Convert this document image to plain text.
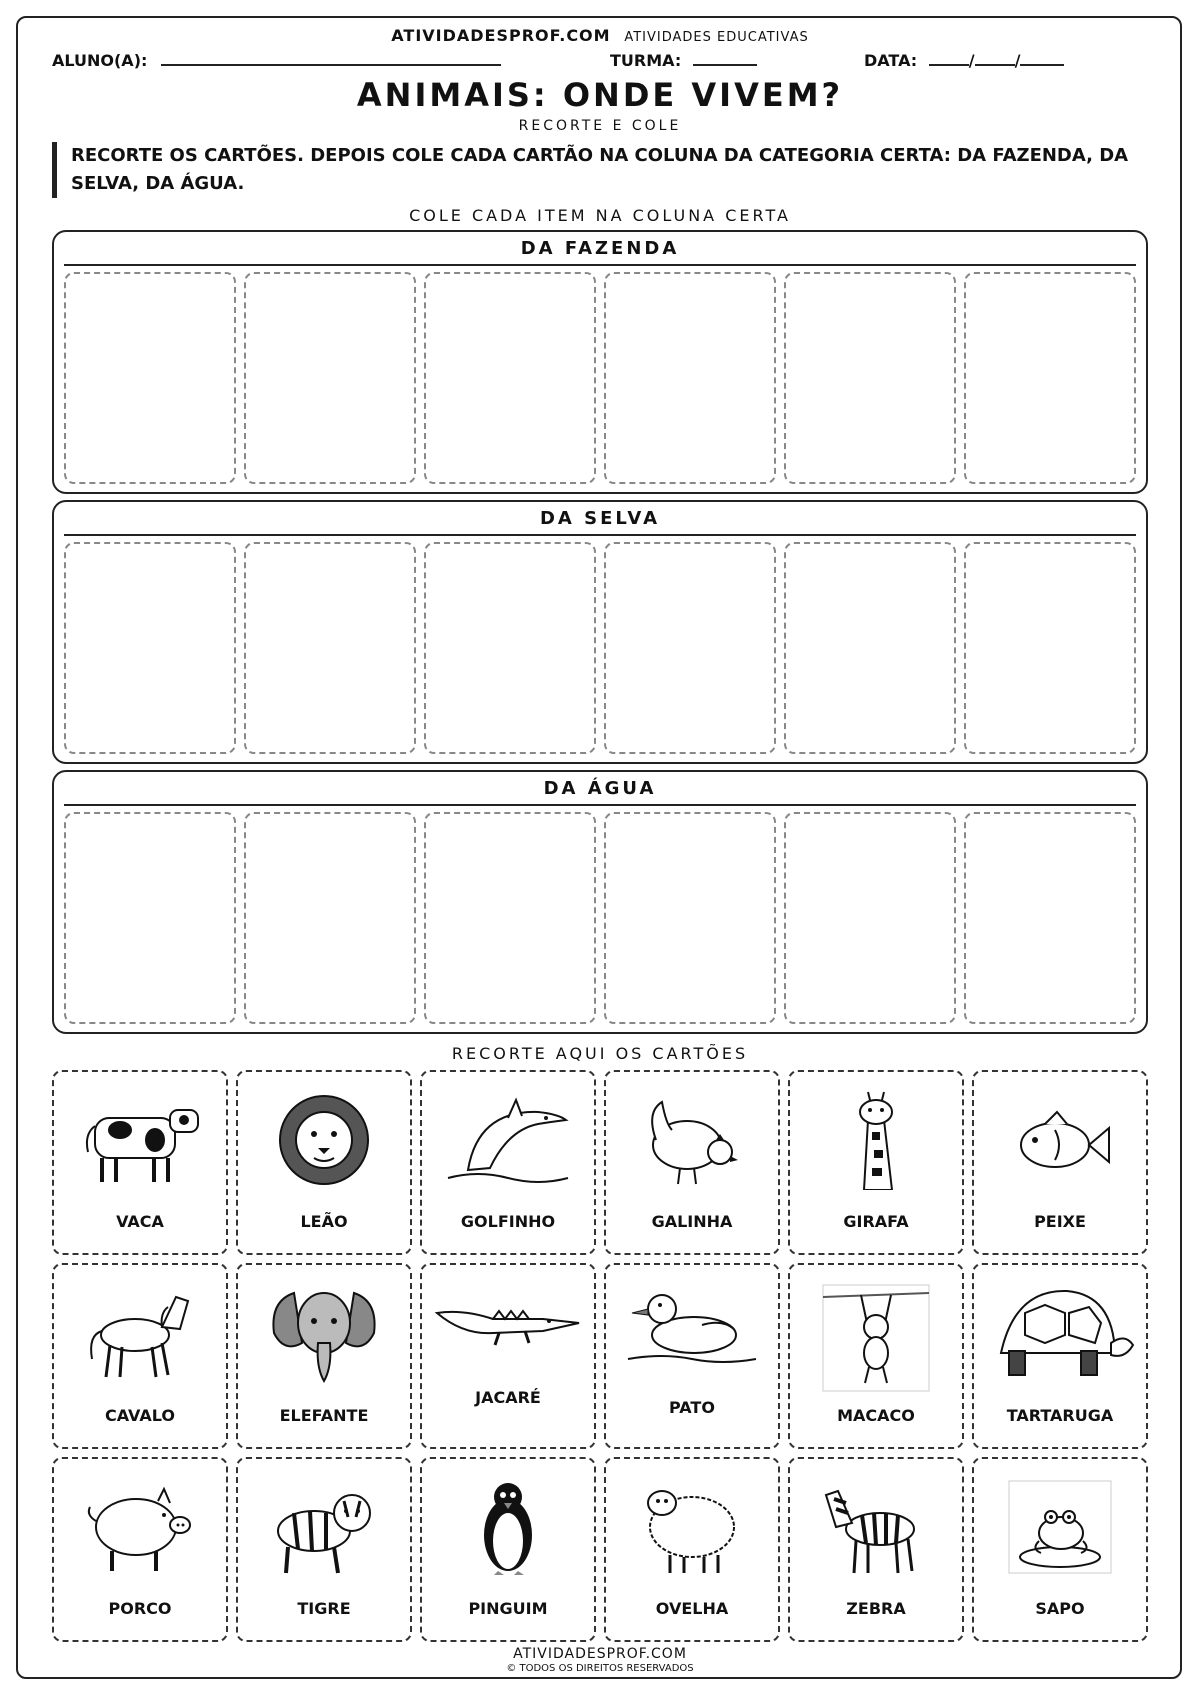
ATIVIDADESPROF.COM ATIVIDADES EDUCATIVAS
ALUNO(A):	TURMA:	DATA:	/	/
ANIMAIS: ONDE VIVEM?
RECORTE E COLE
RECORTE OS CARTÕES. DEPOIS COLE CADA CARTÃO NA COLUNA DA CATEGORIA CERTA: DA FAZENDA, DA SELVA, DA ÁGUA.
COLE CADA ITEM NA COLUNA CERTA
DA FAZENDA
DA SELVA
DA ÁGUA
RECORTE AQUI OS CARTÕES
VACA	LEÃO	GOLFINHO	GALINHA	GIRAFA	PEIXE
CAVALO	ELEFANTE
JACARÉ
PATO	MACACO	TARTARUGA
PORCO	TIGRE	PINGUIM	OVELHA	ZEBRA	SAPO
ATIVIDADESPROF.COM
© TODOS OS DIREITOS RESERVADOS
